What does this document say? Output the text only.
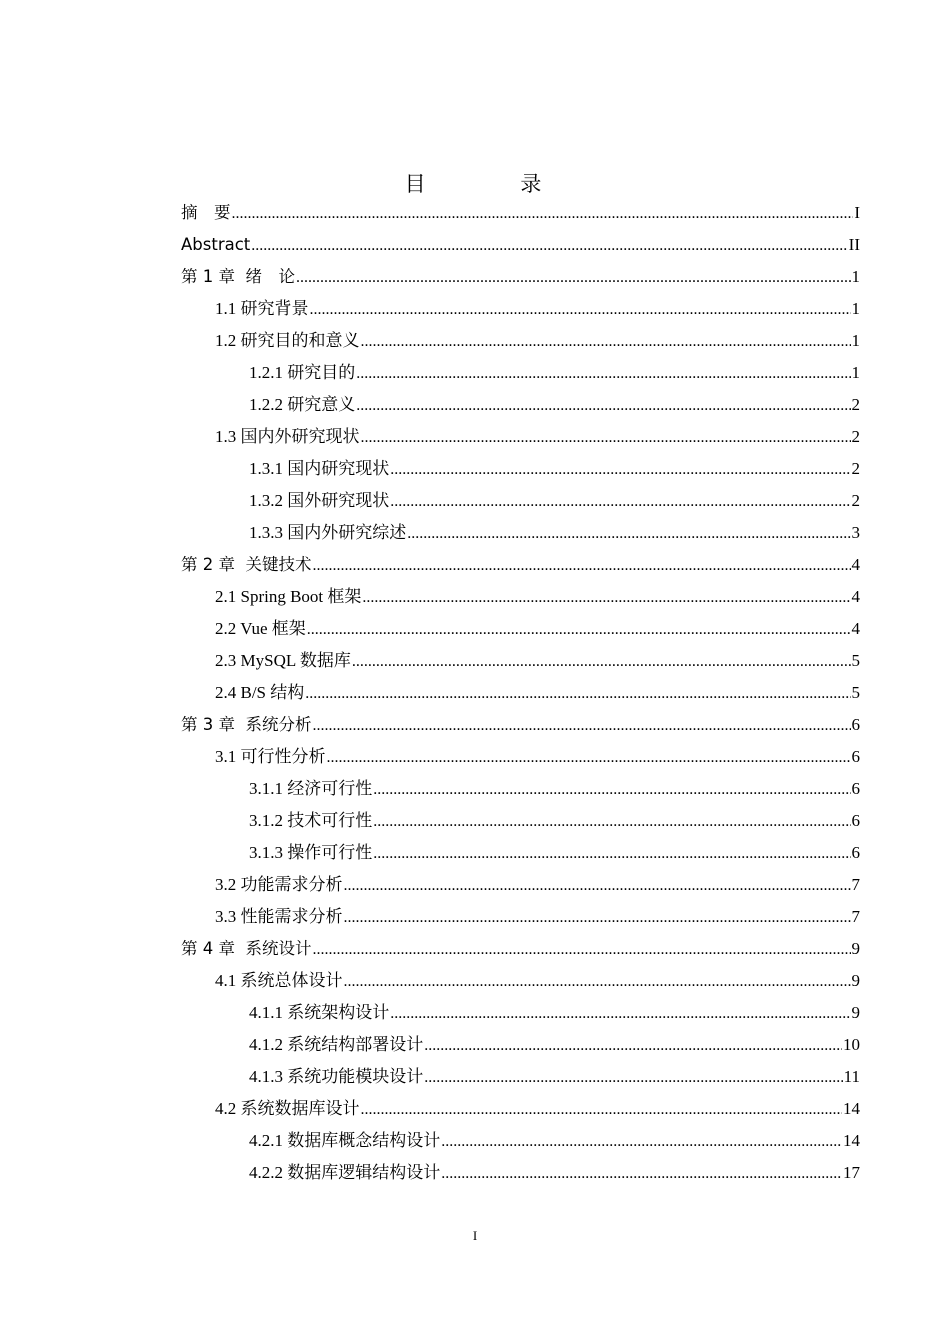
目 录
摘　要 .....	I
Abstract .....	II
第 1 章  绪　论 .....	1
1.1 研究背景 .....	1
1.2 研究目的和意义 .....	1
1.2.1 研究目的 .....	1
1.2.2 研究意义 .....	2
1.3 国内外研究现状 .....	2
1.3.1 国内研究现状 .....	2
1.3.2 国外研究现状 .....	2
1.3.3 国内外研究综述 .....	3
第 2 章  关键技术 .....	4
2.1 Spring Boot 框架 .....	4
2.2 Vue 框架 .....	4
2.3 MySQL 数据库 .....	5
2.4 B/S 结构 .....	5
第 3 章  系统分析 .....	6
3.1 可行性分析 .....	6
3.1.1 经济可行性 .....	6
3.1.2 技术可行性 .....	6
3.1.3 操作可行性 .....	6
3.2 功能需求分析 .....	7
3.3 性能需求分析 .....	7
第 4 章  系统设计 .....	9
4.1 系统总体设计 .....	9
4.1.1 系统架构设计 .....	9
4.1.2 系统结构部署设计 .....	10
4.1.3 系统功能模块设计 .....	11
4.2 系统数据库设计 .....	14
4.2.1 数据库概念结构设计 .....	14
4.2.2 数据库逻辑结构设计 .....	17
I
